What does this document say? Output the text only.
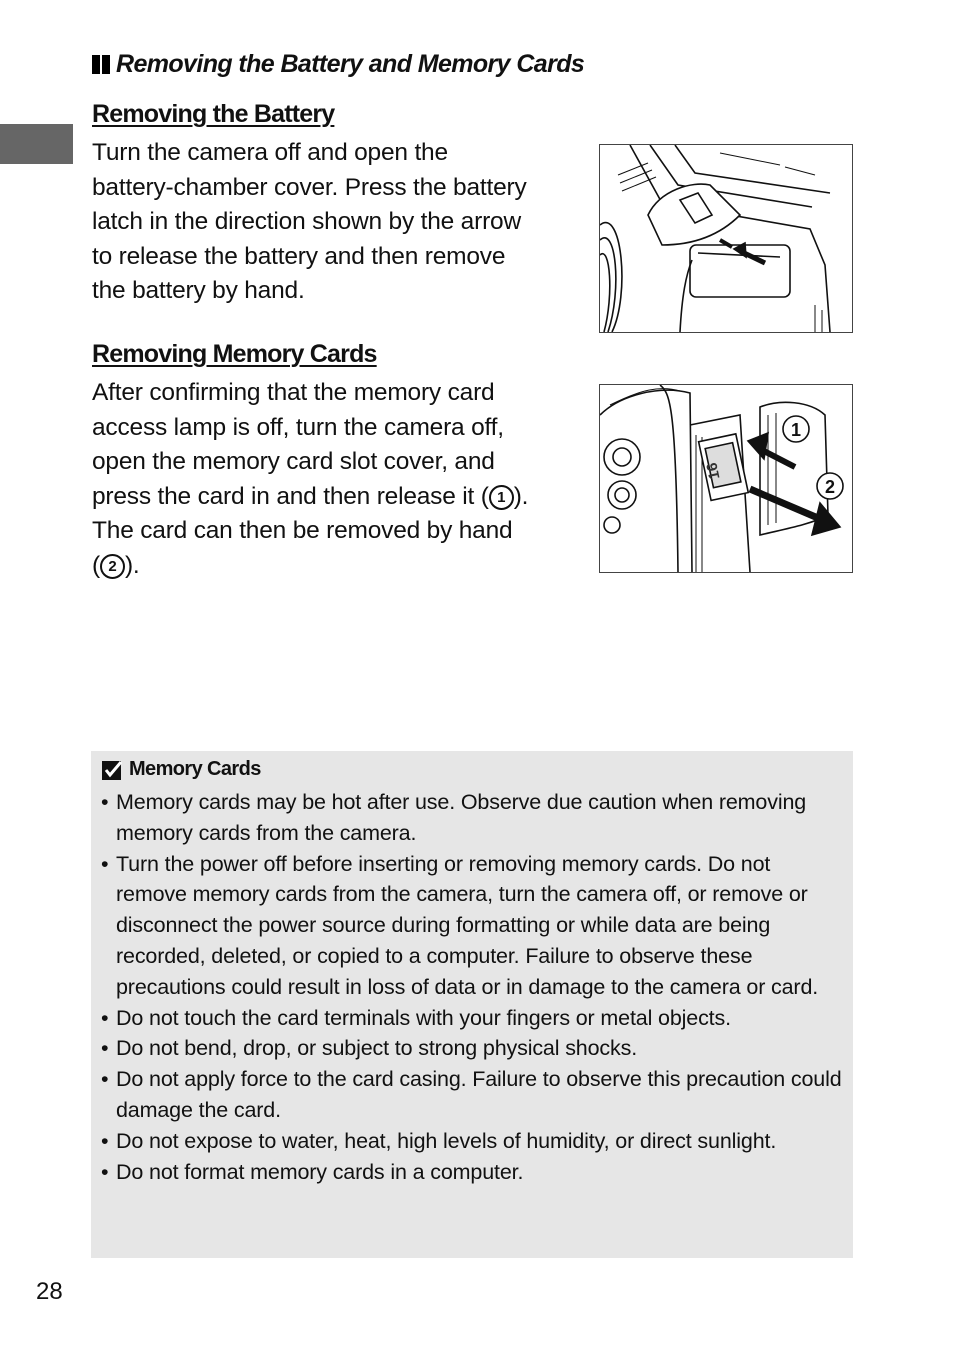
Removing the Battery and Memory Cards
Removing the Battery

Turn the camera off and open the
battery-chamber cover. Press the battery
latch in the direction shown by the arrow
to release the battery and then remove
the battery by hand.

Removing Memory Cards

After confirming that the memory card
access lamp is off, turn the camera off,
open the memory card slot cover, and
press the card in and then release it ( 1 ).
The card can then be removed by hand
( 2 ).

16
1
2
Memory Cards
• Memory cards may be hot after use. Observe due caution when removing memory cards from the camera.
• Turn the power off before inserting or removing memory cards. Do not remove memory cards from the camera, turn the camera off, or remove or disconnect the power source during formatting or while data are being recorded, deleted, or copied to a computer. Failure to observe these precautions could result in loss of data or in damage to the camera or card.
• Do not touch the card terminals with your fingers or metal objects.
• Do not bend, drop, or subject to strong physical shocks.
• Do not apply force to the card casing. Failure to observe this precaution could damage the card.
• Do not expose to water, heat, high levels of humidity, or direct sunlight.
• Do not format memory cards in a computer.

28
